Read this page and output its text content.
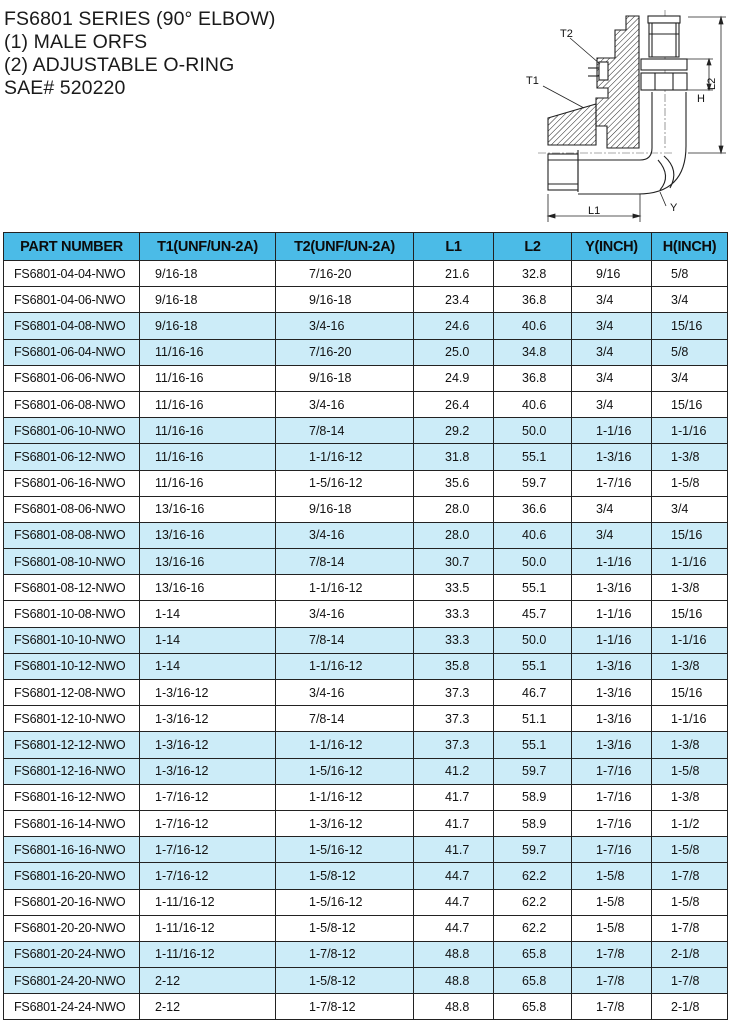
FS6801 SERIES (90° ELBOW)
(1) MALE ORFS
(2) ADJUSTABLE O-RING
SAE# 520220
T2
T1
H
L2
L1	Y
PART NUMBER	T1(UNF/UN-2A)	T2(UNF/UN-2A)	L1	L2	Y(INCH)	H(INCH)
FS6801-04-04-NWO	9/16-18	7/16-20	21.6	32.8	9/16	5/8
FS6801-04-06-NWO	9/16-18	9/16-18	23.4	36.8	3/4	3/4
FS6801-04-08-NWO	9/16-18	3/4-16	24.6	40.6	3/4	15/16
FS6801-06-04-NWO	11/16-16	7/16-20	25.0	34.8	3/4	5/8
FS6801-06-06-NWO	11/16-16	9/16-18	24.9	36.8	3/4	3/4
FS6801-06-08-NWO	11/16-16	3/4-16	26.4	40.6	3/4	15/16
FS6801-06-10-NWO	11/16-16	7/8-14	29.2	50.0	1-1/16	1-1/16
FS6801-06-12-NWO	11/16-16	1-1/16-12	31.8	55.1	1-3/16	1-3/8
FS6801-06-16-NWO	11/16-16	1-5/16-12	35.6	59.7	1-7/16	1-5/8
FS6801-08-06-NWO	13/16-16	9/16-18	28.0	36.6	3/4	3/4
FS6801-08-08-NWO	13/16-16	3/4-16	28.0	40.6	3/4	15/16
FS6801-08-10-NWO	13/16-16	7/8-14	30.7	50.0	1-1/16	1-1/16
FS6801-08-12-NWO	13/16-16	1-1/16-12	33.5	55.1	1-3/16	1-3/8
FS6801-10-08-NWO	1-14	3/4-16	33.3	45.7	1-1/16	15/16
FS6801-10-10-NWO	1-14	7/8-14	33.3	50.0	1-1/16	1-1/16
FS6801-10-12-NWO	1-14	1-1/16-12	35.8	55.1	1-3/16	1-3/8
FS6801-12-08-NWO	1-3/16-12	3/4-16	37.3	46.7	1-3/16	15/16
FS6801-12-10-NWO	1-3/16-12	7/8-14	37.3	51.1	1-3/16	1-1/16
FS6801-12-12-NWO	1-3/16-12	1-1/16-12	37.3	55.1	1-3/16	1-3/8
FS6801-12-16-NWO	1-3/16-12	1-5/16-12	41.2	59.7	1-7/16	1-5/8
FS6801-16-12-NWO	1-7/16-12	1-1/16-12	41.7	58.9	1-7/16	1-3/8
FS6801-16-14-NWO	1-7/16-12	1-3/16-12	41.7	58.9	1-7/16	1-1/2
FS6801-16-16-NWO	1-7/16-12	1-5/16-12	41.7	59.7	1-7/16	1-5/8
FS6801-16-20-NWO	1-7/16-12	1-5/8-12	44.7	62.2	1-5/8	1-7/8
FS6801-20-16-NWO	1-11/16-12	1-5/16-12	44.7	62.2	1-5/8	1-5/8
FS6801-20-20-NWO	1-11/16-12	1-5/8-12	44.7	62.2	1-5/8	1-7/8
FS6801-20-24-NWO	1-11/16-12	1-7/8-12	48.8	65.8	1-7/8	2-1/8
FS6801-24-20-NWO	2-12	1-5/8-12	48.8	65.8	1-7/8	1-7/8
FS6801-24-24-NWO	2-12	1-7/8-12	48.8	65.8	1-7/8	2-1/8
